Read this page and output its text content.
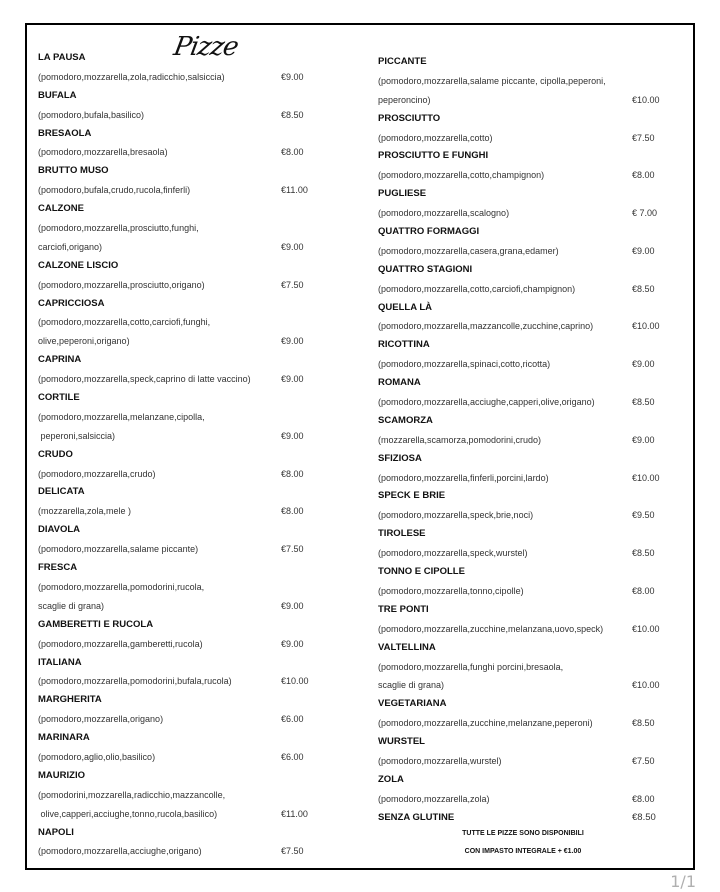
Pizze
LA PAUSA
(pomodoro,mozzarella,zola,radicchio,salsiccia)	€9.00
BUFALA
(pomodoro,bufala,basilico)	€8.50
BRESAOLA
(pomodoro,mozzarella,bresaola)	€8.00
BRUTTO MUSO
(pomodoro,bufala,crudo,rucola,finferli)	€11.00
CALZONE
(pomodoro,mozzarella,prosciutto,funghi,
carciofi,origano)	€9.00
CALZONE LISCIO
(pomodoro,mozzarella,prosciutto,origano)	€7.50
CAPRICCIOSA
(pomodoro,mozzarella,cotto,carciofi,funghi,
olive,peperoni,origano)	€9.00
CAPRINA
(pomodoro,mozzarella,speck,caprino di latte vaccino)	€9.00
CORTILE
(pomodoro,mozzarella,melanzane,cipolla,
peperoni,salsiccia)	€9.00
CRUDO
(pomodoro,mozzarella,crudo)	€8.00
DELICATA
(mozzarella,zola,mele )	€8.00
DIAVOLA
(pomodoro,mozzarella,salame piccante)	€7.50
FRESCA
(pomodoro,mozzarella,pomodorini,rucola,
scaglie di grana)	€9.00
GAMBERETTI E RUCOLA
(pomodoro,mozzarella,gamberetti,rucola)	€9.00
ITALIANA
(pomodoro,mozzarella,pomodorini,bufala,rucola)	€10.00
MARGHERITA
(pomodoro,mozzarella,origano)	€6.00
MARINARA
(pomodoro,aglio,olio,basilico)	€6.00
MAURIZIO
(pomodorini,mozzarella,radicchio,mazzancolle,
olive,capperi,acciughe,tonno,rucola,basilico)	€11.00
NAPOLI
(pomodoro,mozzarella,acciughe,origano)	€7.50
PICCANTE
(pomodoro,mozzarella,salame piccante, cipolla,peperoni,
peperoncino)	€10.00
PROSCIUTTO
(pomodoro,mozzarella,cotto)	€7.50
PROSCIUTTO E FUNGHI
(pomodoro,mozzarella,cotto,champignon)	€8.00
PUGLIESE
(pomodoro,mozzarella,scalogno)	€ 7.00
QUATTRO FORMAGGI
(pomodoro,mozzarella,casera,grana,edamer)	€9.00
QUATTRO STAGIONI
(pomodoro,mozzarella,cotto,carciofi,champignon)	€8.50
QUELLA LÀ
(pomodoro,mozzarella,mazzancolle,zucchine,caprino)	€10.00
RICOTTINA
(pomodoro,mozzarella,spinaci,cotto,ricotta)	€9.00
ROMANA
(pomodoro,mozzarella,acciughe,capperi,olive,origano)	€8.50
SCAMORZA
(mozzarella,scamorza,pomodorini,crudo)	€9.00
SFIZIOSA
(pomodoro,mozzarella,finferli,porcini,lardo)	€10.00
SPECK E BRIE
(pomodoro,mozzarella,speck,brie,noci)	€9.50
TIROLESE
(pomodoro,mozzarella,speck,wurstel)	€8.50
TONNO E CIPOLLE
(pomodoro,mozzarella,tonno,cipolle)	€8.00
TRE PONTI
(pomodoro,mozzarella,zucchine,melanzana,uovo,speck)	€10.00
VALTELLINA
(pomodoro,mozzarella,funghi porcini,bresaola,
scaglie di grana)	€10.00
VEGETARIANA
(pomodoro,mozzarella,zucchine,melanzane,peperoni)	€8.50
WURSTEL
(pomodoro,mozzarella,wurstel)	€7.50
ZOLA
(pomodoro,mozzarella,zola)	€8.00
SENZA GLUTINE	€8.50
TUTTE LE PIZZE SONO DISPONIBILI
CON IMPASTO INTEGRALE + €1.00
1/1
